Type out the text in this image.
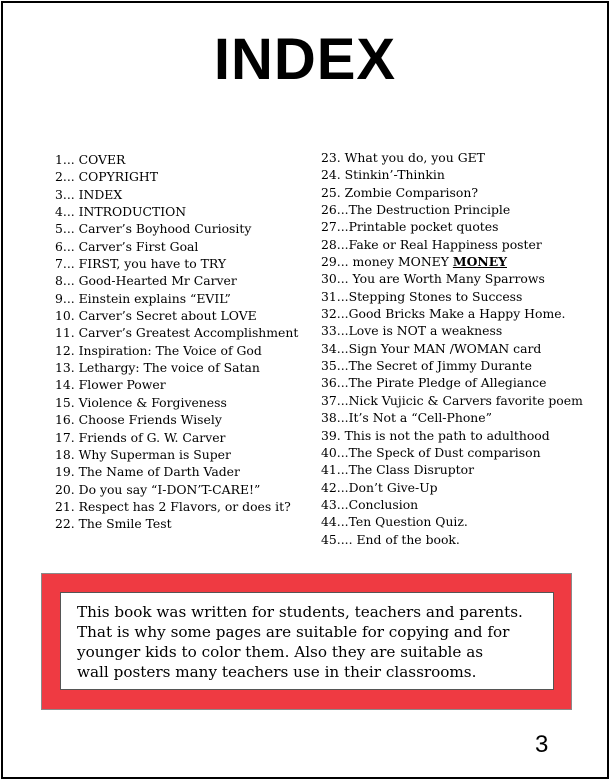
INDEX
1... COVER
2... COPYRIGHT
3... INDEX
4... INTRODUCTION
5... Carver’s Boyhood Curiosity
6... Carver’s First Goal
7... FIRST, you have to TRY
8... Good-Hearted Mr Carver
9... Einstein explains “EVIL”
10. Carver’s Secret about LOVE
11. Carver’s Greatest Accomplishment
12. Inspiration: The Voice of God
13. Lethargy: The voice of Satan
14. Flower Power
15. Violence & Forgiveness
16. Choose Friends Wisely
17. Friends of G. W. Carver
18. Why Superman is Super
19. The Name of Darth Vader
20. Do you say “I-DON’T-CARE!”
21. Respect has 2 Flavors, or does it?
22. The Smile Test
23. What you do, you GET
24. Stinkin’-Thinkin
25. Zombie Comparison?
26...The Destruction Principle
27...Printable pocket quotes
28...Fake or Real Happiness poster
29... money MONEY MONEY
30... You are Worth Many Sparrows
31...Stepping Stones to Success
32...Good Bricks Make a Happy Home.
33...Love is NOT a weakness
34...Sign Your MAN /WOMAN card
35...The Secret of Jimmy Durante
36...The Pirate Pledge of Allegiance
37...Nick Vujicic & Carvers favorite poem
38...It’s Not a “Cell-Phone”
39. This is not the path to adulthood
40...The Speck of Dust comparison
41...The Class Disruptor
42...Don’t Give-Up
43...Conclusion
44...Ten Question Quiz.
45.... End of the book.
This book was written for students, teachers and parents.
That is why some pages are suitable for copying and for
younger kids to color them. Also they are suitable as
wall posters many teachers use in their classrooms.
3
